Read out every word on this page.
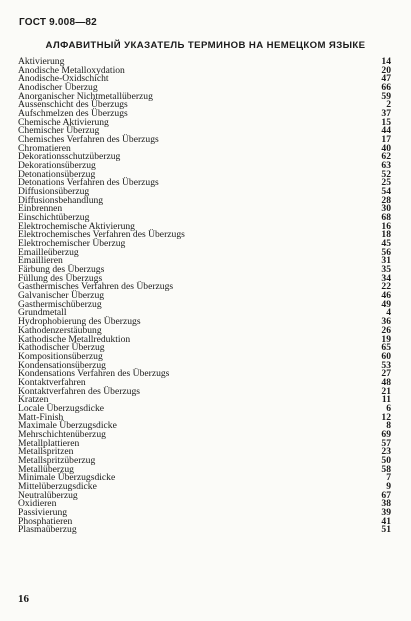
ГОСТ 9.008—82
АЛФАВИТНЫЙ УКАЗАТЕЛЬ ТЕРМИНОВ НА НЕМЕЦКОМ ЯЗЫКЕ
Aktivierung	14
Anodische Metalloxydation	20
Anodische-Oxidschicht	47
Anodischer Überzug	66
Anorganischer Nichtmetallüberzug	59
Aussenschicht des Überzugs	2
Aufschmelzen des Überzugs	37
Chemische Aktivierung	15
Chemischer Überzug	44
Chemisches Verfahren des Überzugs	17
Chromatieren	40
Dekorationsschutzüberzug	62
Dekorationsüberzug	63
Detonationsüberzug	52
Detonations Verfahren des Überzugs	25
Diffusionsüberzug	54
Diffusionsbehandlung	28
Einbrennen	30
Einschichtüberzug	68
Elektrochemische Aktivierung	16
Elektrochemisches Verfahren des Überzugs	18
Elektrochemischer Überzug	45
Emailleüberzug	56
Emaillieren	31
Färbung des Überzugs	35
Füllung des Überzugs	34
Gasthermisches Verfahren des Überzugs	22
Galvanischer Überzug	46
Gasthermischüberzug	49
Grundmetall	4
Hydrophobierung des Überzugs	36
Kathodenzerstäubung	26
Kathodische Metallreduktion	19
Kathodischer Überzug	65
Kompositionsüberzug	60
Kondensationsüberzug	53
Kondensations Verfahren des Überzugs	27
Kontaktverfahren	48
Kontaktverfahren des Überzugs	21
Kratzen	11
Locale Überzugsdicke	6
Matt-Finish	12
Maximale Überzugsdicke	8
Mehrschichtenüberzug	69
Metallplattieren	57
Metallspritzen	23
Metallspritzüberzug	50
Metallüberzug	58
Minimale Überzugsdicke	7
Mittelüberzugsdicke	9
Neutralüberzug	67
Oxidieren	38
Passivierung	39
Phosphatieren	41
Plasmaüberzug	51
16
